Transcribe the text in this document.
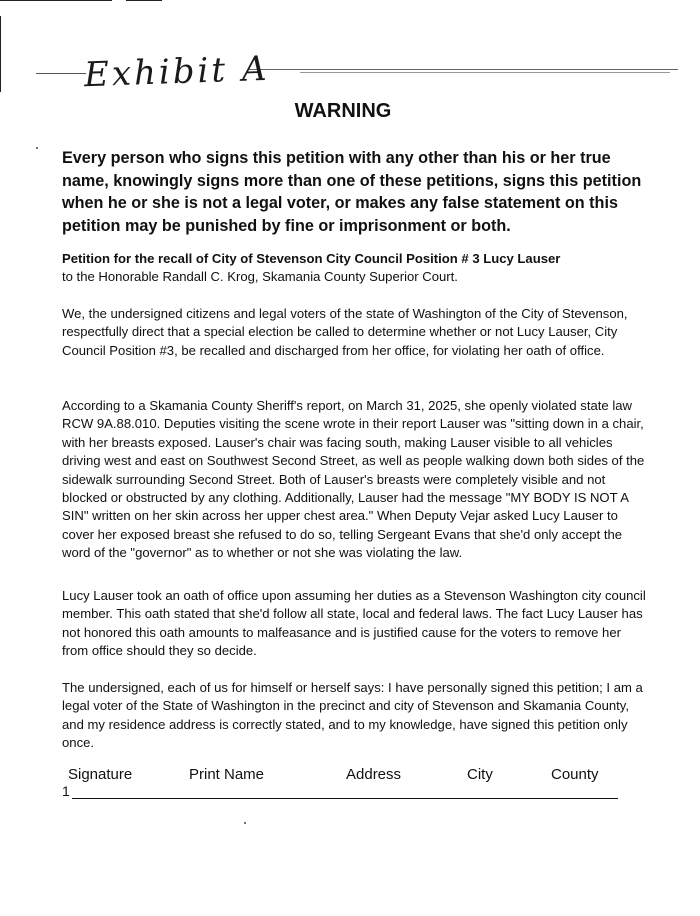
Exhibit A
WARNING
Every person who signs this petition with any other than his or her true name, knowingly signs more than one of these petitions, signs this petition when he or she is not a legal voter, or makes any false statement on this petition may be punished by fine or imprisonment or both.
Petition for the recall of City of Stevenson City Council Position # 3 Lucy Lauser
to the Honorable Randall C. Krog, Skamania County Superior Court.
We, the undersigned citizens and legal voters of the state of Washington of the City of Stevenson, respectfully direct that a special election be called to determine whether or not Lucy Lauser, City Council Position #3, be recalled and discharged from her office, for violating her oath of office.
According to a Skamania County Sheriff's report, on March 31, 2025, she openly violated state law RCW 9A.88.010. Deputies visiting the scene wrote in their report Lauser was "sitting down in a chair, with her breasts exposed. Lauser's chair was facing south, making Lauser visible to all vehicles driving west and east on Southwest Second Street, as well as people walking down both sides of the sidewalk surrounding Second Street. Both of Lauser's breasts were completely visible and not blocked or obstructed by any clothing. Additionally, Lauser had the message "MY BODY IS NOT A SIN" written on her skin across her upper chest area." When Deputy Vejar asked Lucy Lauser to cover her exposed breast she refused to do so, telling Sergeant Evans that she'd only accept the word of the "governor" as to whether or not she was violating the law.
Lucy Lauser took an oath of office upon assuming her duties as a Stevenson Washington city council member. This oath stated that she'd follow all state, local and federal laws. The fact Lucy Lauser has not honored this oath amounts to malfeasance and is justified cause for the voters to remove her from office should they so decide.
The undersigned, each of us for himself or herself says: I have personally signed this petition; I am a legal voter of the State of Washington in the precinct and city of Stevenson and Skamania County, and my residence address is correctly stated, and to my knowledge, have signed this petition only once.
Signature	Print Name	Address	City	County
1
